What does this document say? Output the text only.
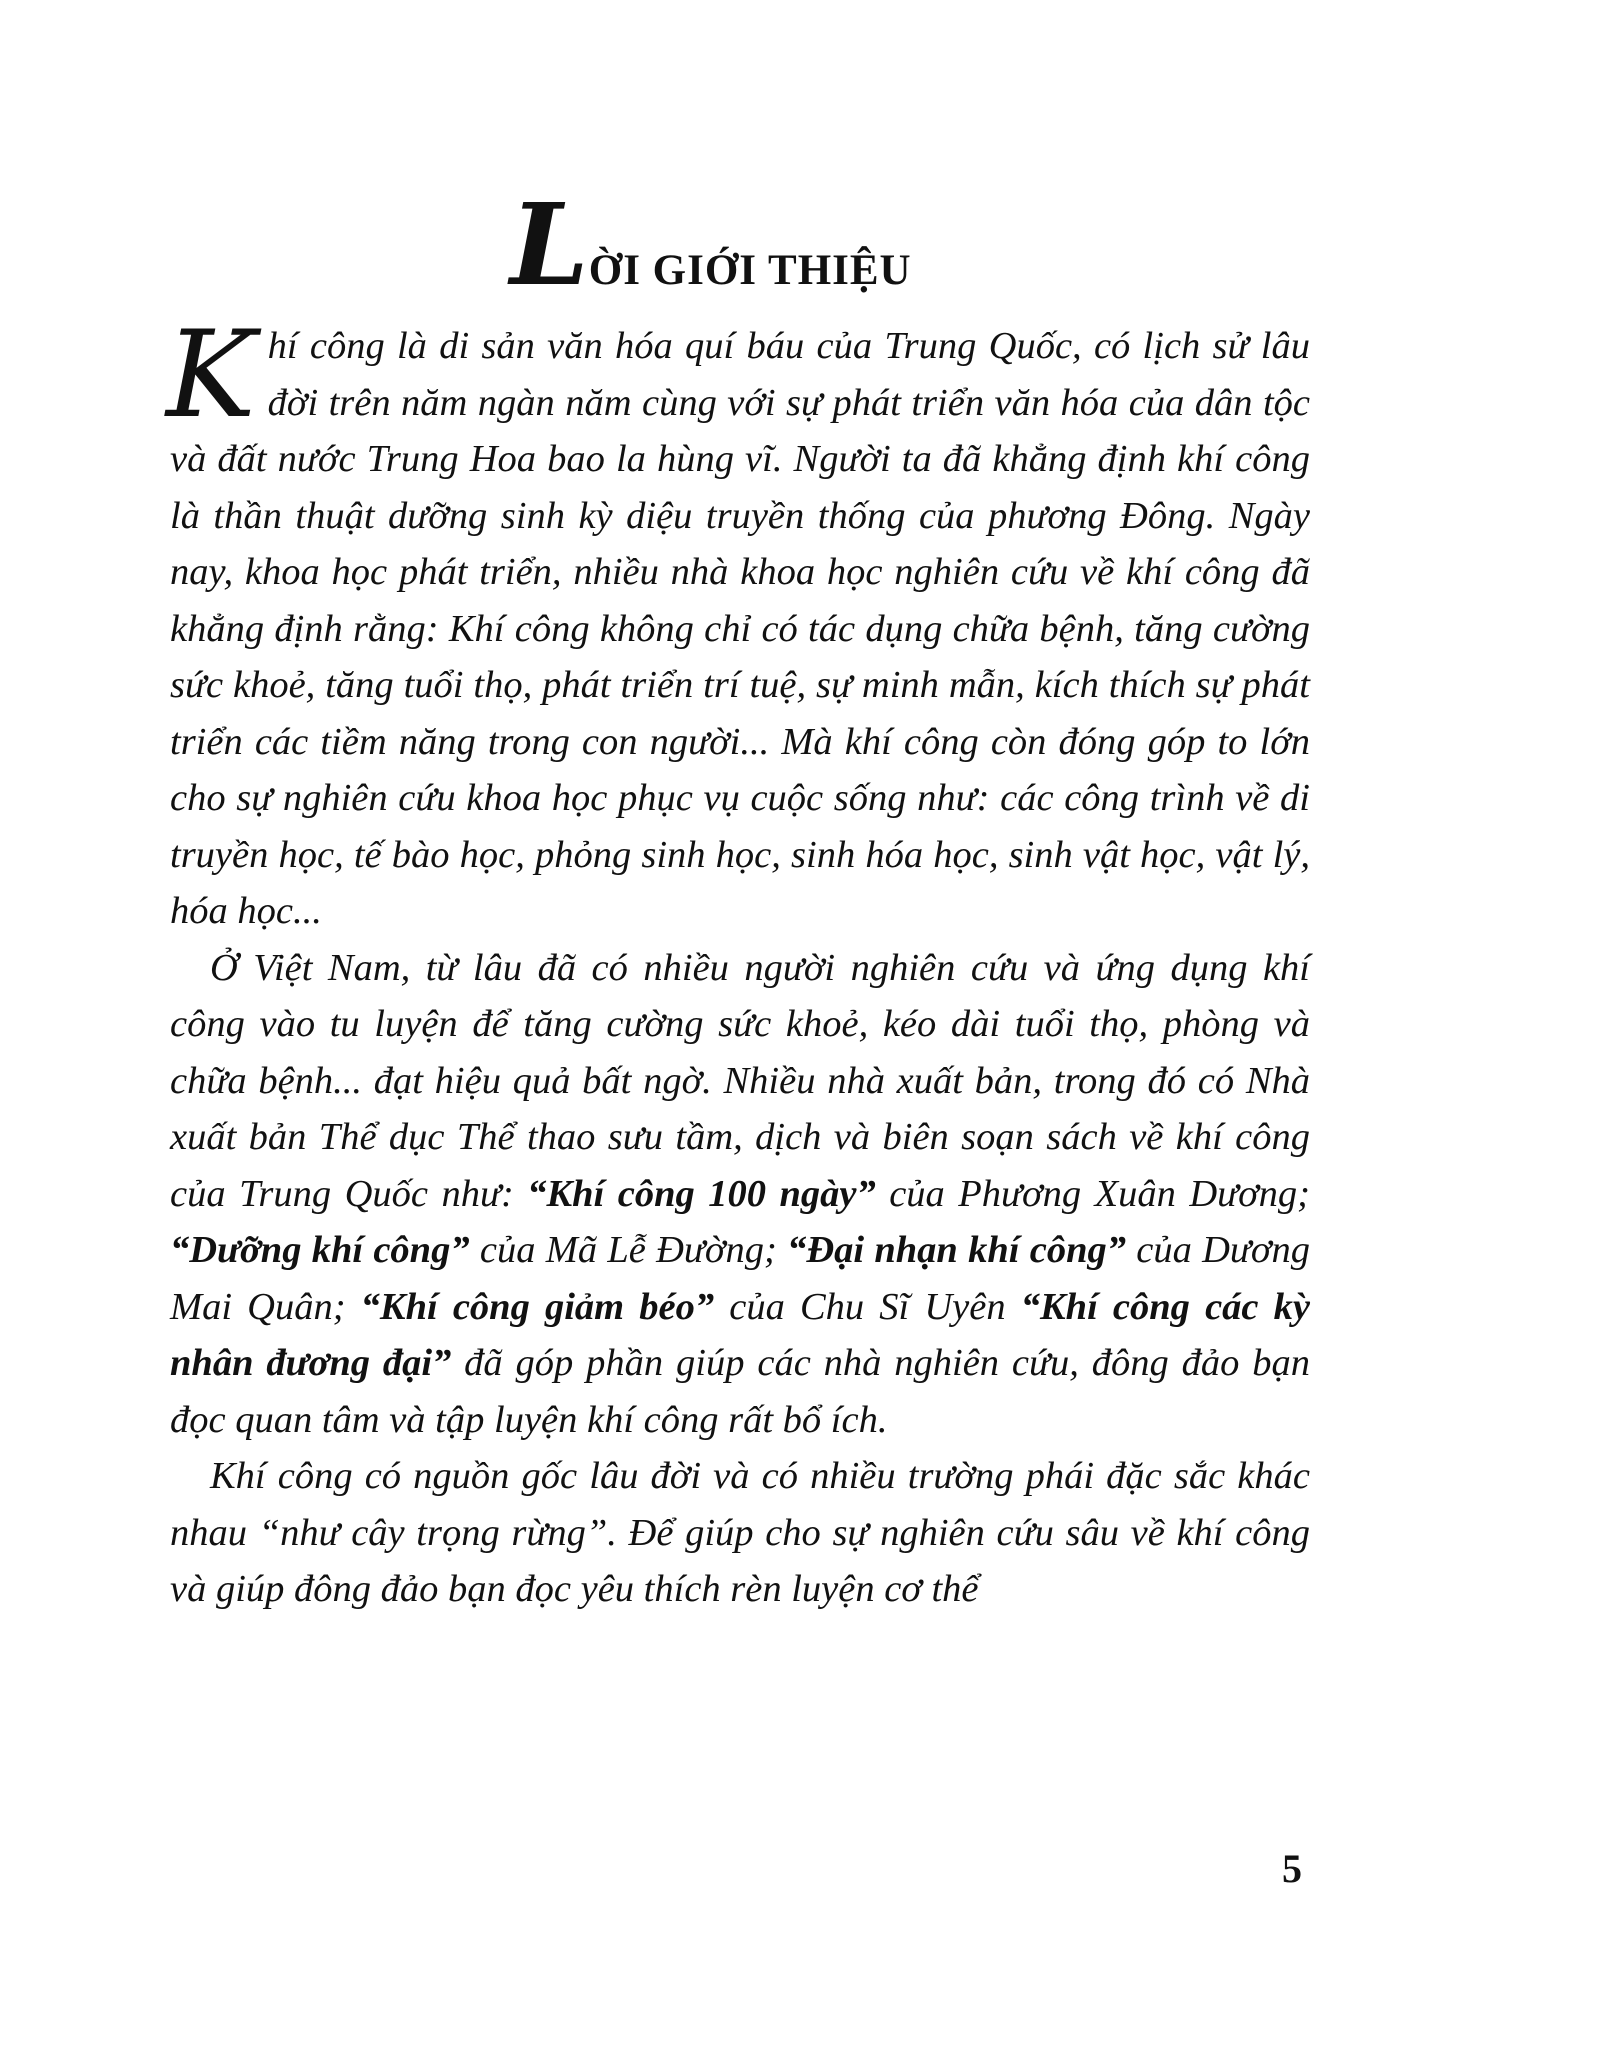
LỜI GIỚI THIỆU

Khí công là di sản văn hóa quí báu của Trung Quốc, có lịch sử lâu đời trên năm ngàn năm cùng với sự phát triển văn hóa của dân tộc và đất nước Trung Hoa bao la hùng vĩ. Người ta đã khẳng định khí công là thần thuật dưỡng sinh kỳ diệu truyền thống của phương Đông. Ngày nay, khoa học phát triển, nhiều nhà khoa học nghiên cứu về khí công đã khẳng định rằng: Khí công không chỉ có tác dụng chữa bệnh, tăng cường sức khoẻ, tăng tuổi thọ, phát triển trí tuệ, sự minh mẫn, kích thích sự phát triển các tiềm năng trong con người... Mà khí công còn đóng góp to lớn cho sự nghiên cứu khoa học phục vụ cuộc sống như: các công trình về di truyền học, tế bào học, phỏng sinh học, sinh hóa học, sinh vật học, vật lý, hóa học...

Ở Việt Nam, từ lâu đã có nhiều người nghiên cứu và ứng dụng khí công vào tu luyện để tăng cường sức khoẻ, kéo dài tuổi thọ, phòng và chữa bệnh... đạt hiệu quả bất ngờ. Nhiều nhà xuất bản, trong đó có Nhà xuất bản Thể dục Thể thao sưu tầm, dịch và biên soạn sách về khí công của Trung Quốc như: “Khí công 100 ngày” của Phương Xuân Dương; “Dưỡng khí công” của Mã Lễ Đường; “Đại nhạn khí công” của Dương Mai Quân; “Khí công giảm béo” của Chu Sĩ Uyên “Khí công các kỳ nhân đương đại” đã góp phần giúp các nhà nghiên cứu, đông đảo bạn đọc quan tâm và tập luyện khí công rất bổ ích.

Khí công có nguồn gốc lâu đời và có nhiều trường phái đặc sắc khác nhau “như cây trọng rừng”. Để giúp cho sự nghiên cứu sâu về khí công và giúp đông đảo bạn đọc yêu thích rèn luyện cơ thể

5
